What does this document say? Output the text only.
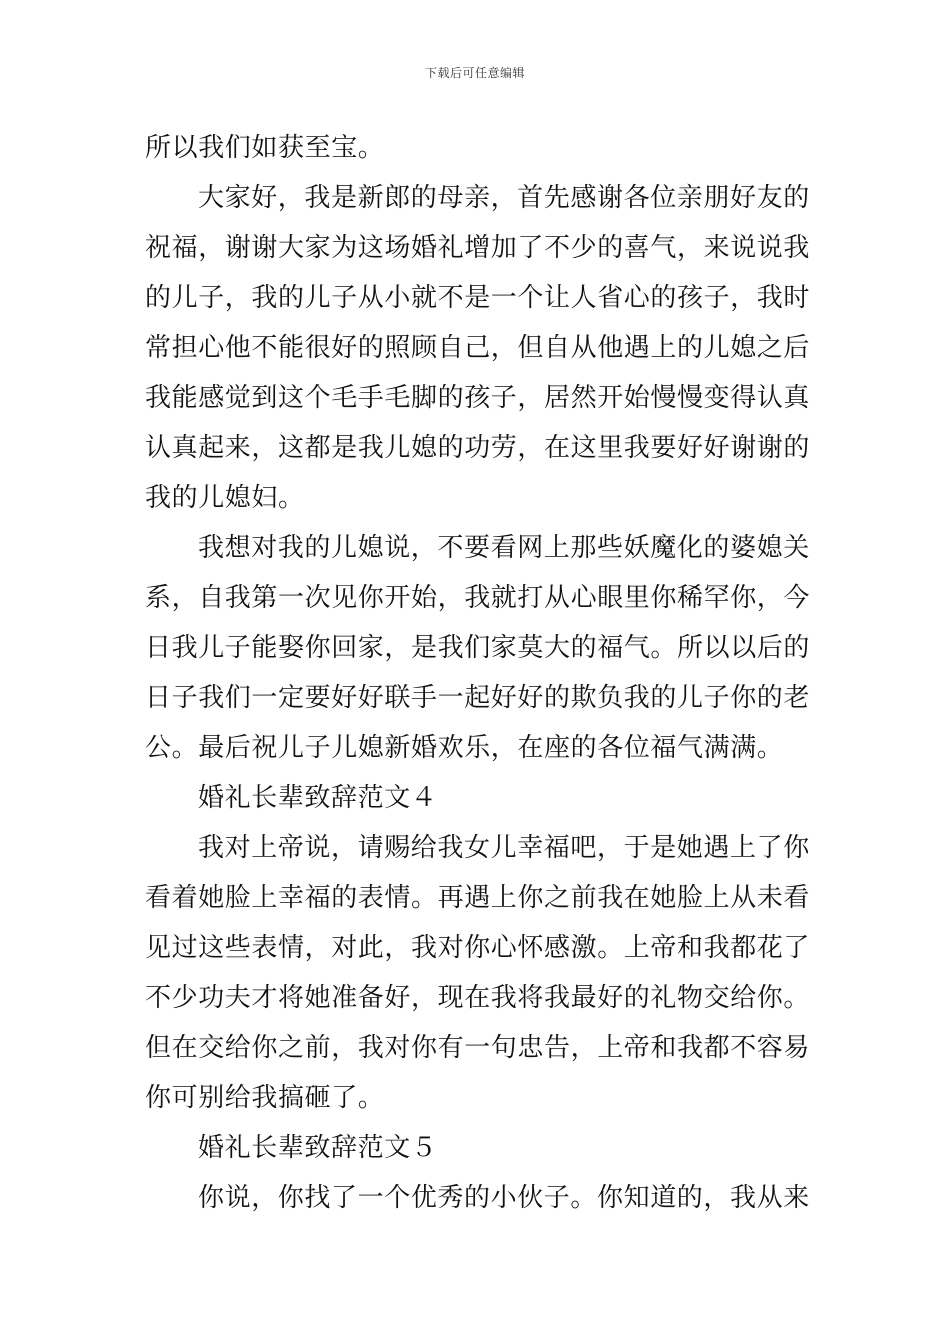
下载后可任意编辑
所以我们如获至宝。
大家好，我是新郎的母亲，首先感谢各位亲朋好友的
祝福，谢谢大家为这场婚礼增加了不少的喜气，来说说我
的儿子，我的儿子从小就不是一个让人省心的孩子，我时
常担心他不能很好的照顾自己，但自从他遇上的儿媳之后
我能感觉到这个毛手毛脚的孩子，居然开始慢慢变得认真
认真起来，这都是我儿媳的功劳，在这里我要好好谢谢的
我的儿媳妇。
我想对我的儿媳说，不要看网上那些妖魔化的婆媳关
系，自我第一次见你开始，我就打从心眼里你稀罕你，今
日我儿子能娶你回家，是我们家莫大的福气。所以以后的
日子我们一定要好好联手一起好好的欺负我的儿子你的老
公。最后祝儿子儿媳新婚欢乐，在座的各位福气满满。
婚礼长辈致辞范文４
我对上帝说，请赐给我女儿幸福吧，于是她遇上了你
看着她脸上幸福的表情。再遇上你之前我在她脸上从未看
见过这些表情，对此，我对你心怀感激。上帝和我都花了
不少功夫才将她准备好，现在我将我最好的礼物交给你。
但在交给你之前，我对你有一句忠告，上帝和我都不容易
你可别给我搞砸了。
婚礼长辈致辞范文５
你说，你找了一个优秀的小伙子。你知道的，我从来
